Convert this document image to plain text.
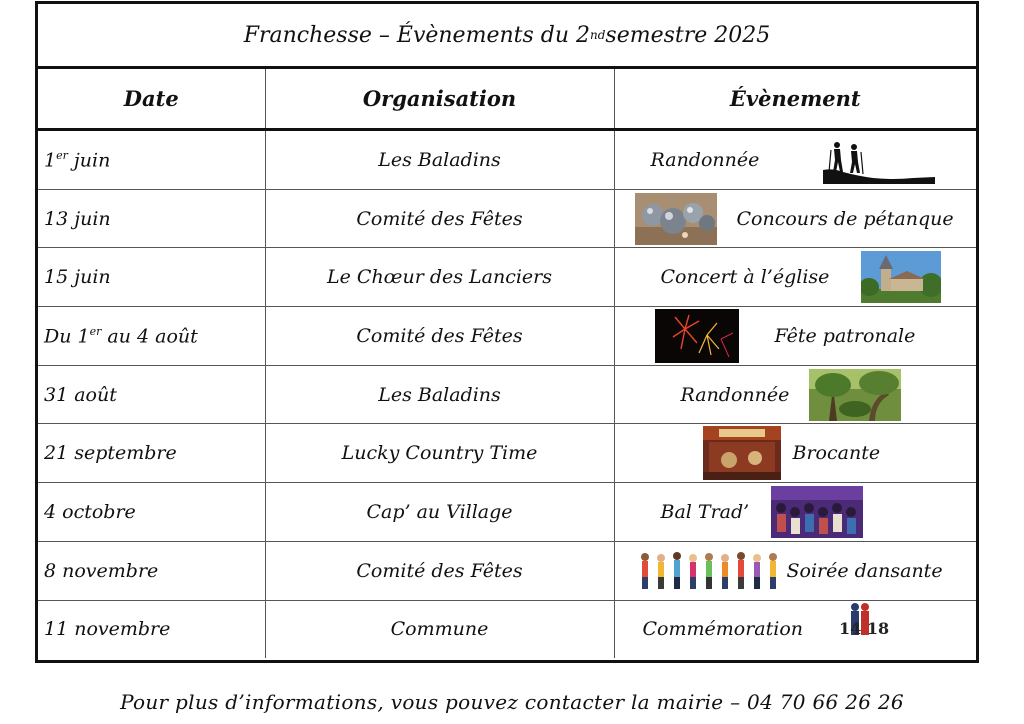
Franchesse – Évènements du 2 nd semestre 2025
Date	Organisation	Évènement
1er juin	Les Baladins	Randonnée

13 juin	Comité des Fêtes	Concours de pétanque

15 juin	Le Chœur des Lanciers	Concert à l’église

Du 1er au 4 août	Comité des Fêtes	Fête patronale

31 août	Les Baladins	Randonnée

21 septembre	Lucky Country Time	Brocante

4 octobre	Cap’ au Village	Bal Trad’

8 novembre	Comité des Fêtes	Soirée dansante

11 novembre	Commune	Commémoration 14 18
Pour plus d’informations, vous pouvez contacter la mairie – 04 70 66 26 26
